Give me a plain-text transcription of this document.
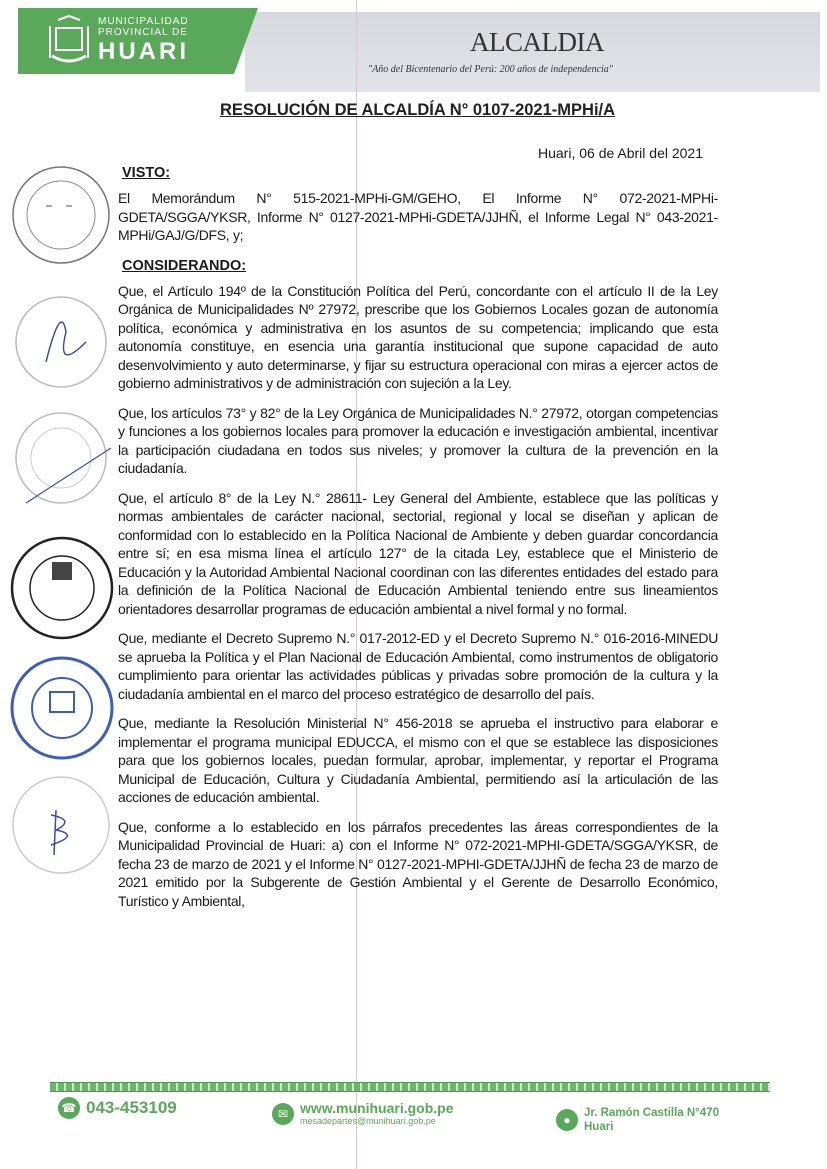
MUNICIPALIDAD
PROVINCIAL DE
HUARI	ALCALDIA
"Año del Bicentenario del Perú: 200 años de independencia"
RESOLUCIÓN DE ALCALDÍA N° 0107-2021-MPHi/A
Huari, 06 de Abril del 2021
VISTO:
El Memorándum N° 515-2021-MPHi-GM/GEHO, El Informe N° 072-2021-MPHi-GDETA/SGGA/YKSR, Informe N° 0127-2021-MPHi-GDETA/JJHÑ, el Informe Legal N° 043-2021-MPHi/GAJ/G/DFS, y;
CONSIDERANDO:
Que, el Artículo 194º de la Constitución Política del Perú, concordante con el artículo II de la Ley Orgánica de Municipalidades Nº 27972, prescribe que los Gobiernos Locales gozan de autonomía política, económica y administrativa en los asuntos de su competencia; implicando que esta autonomía constituye, en esencia una garantía institucional que supone capacidad de auto desenvolvimiento y auto determinarse, y fijar su estructura operacional con miras a ejercer actos de gobierno administrativos y de administración con sujeción a la Ley.
Que, los artículos 73° y 82° de la Ley Orgánica de Municipalidades N.° 27972, otorgan competencias y funciones a los gobiernos locales para promover la educación e investigación ambiental, incentivar la participación ciudadana en todos sus niveles; y promover la cultura de la prevención en la ciudadanía.
Que, el artículo 8° de la Ley N.° 28611- Ley General del Ambiente, establece que las políticas y normas ambientales de carácter nacional, sectorial, regional y local se diseñan y aplican de conformidad con lo establecido en la Política Nacional de Ambiente y deben guardar concordancia entre sí; en esa misma línea el artículo 127° de la citada Ley, establece que el Ministerio de Educación y la Autoridad Ambiental Nacional coordinan con las diferentes entidades del estado para la definición de la Política Nacional de Educación Ambiental teniendo entre sus lineamientos orientadores desarrollar programas de educación ambiental a nivel formal y no formal.
Que, mediante el Decreto Supremo N.° 017-2012-ED y el Decreto Supremo N.° 016-2016-MINEDU se aprueba la Política y el Plan Nacional de Educación Ambiental, como instrumentos de obligatorio cumplimiento para orientar las actividades públicas y privadas sobre promoción de la cultura y la ciudadanía ambiental en el marco del proceso estratégico de desarrollo del país.
Que, mediante la Resolución Ministerial N° 456-2018 se aprueba el instructivo para elaborar e implementar el programa municipal EDUCCA, el mismo con el que se establece las disposiciones para que los gobiernos locales, puedan formular, aprobar, implementar, y reportar el Programa Municipal de Educación, Cultura y Ciudadanía Ambiental, permitiendo así la articulación de las acciones de educación ambiental.
Que, conforme a lo establecido en los párrafos precedentes las áreas correspondientes de la Municipalidad Provincial de Huari: a) con el Informe N° 072-2021-MPHI-GDETA/SGGA/YKSR, de fecha 23 de marzo de 2021 y el Informe N° 0127-2021-MPHI-GDETA/JJHÑ de fecha 23 de marzo de 2021 emitido por la Subgerente de Gestión Ambiental y el Gerente de Desarrollo Económico, Turístico y Ambiental,
☎ 043-453109	✉ www.munihuari.gob.pe
mesadepartes@munihuari.gob.pe	●	Jr. Ramón Castilla N°470
Huari
